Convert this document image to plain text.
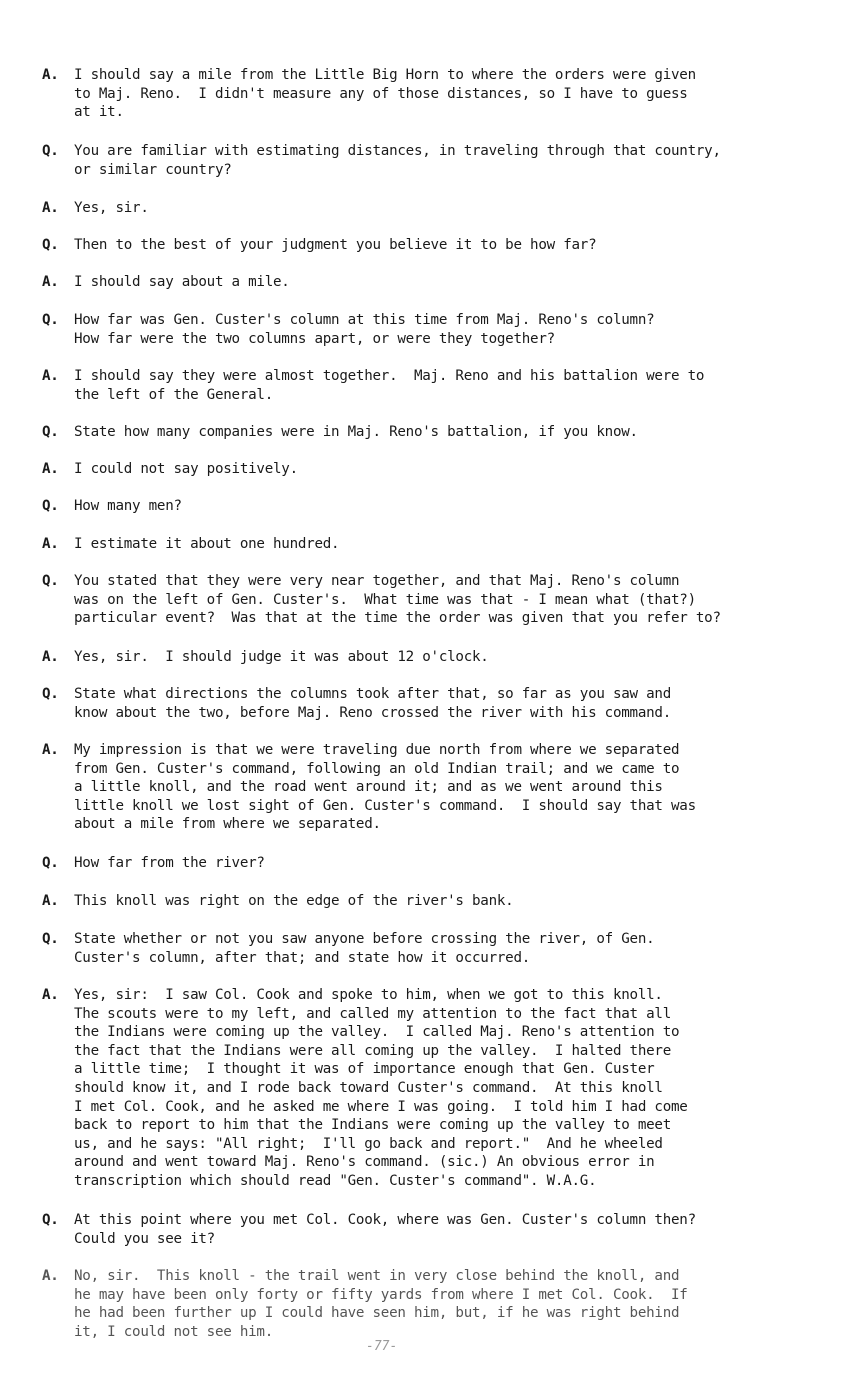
A.	I should say a mile from the Little Big Horn to where the orders were given
to Maj. Reno.  I didn't measure any of those distances, so I have to guess
at it.
Q.	You are familiar with estimating distances, in traveling through that country,
or similar country?
A.	Yes, sir.
Q.	Then to the best of your judgment you believe it to be how far?
A.	I should say about a mile.
Q.	How far was Gen. Custer's column at this time from Maj. Reno's column?
How far were the two columns apart, or were they together?
A.	I should say they were almost together.  Maj. Reno and his battalion were to
the left of the General.
Q.	State how many companies were in Maj. Reno's battalion, if you know.
A.	I could not say positively.
Q.	How many men?
A.	I estimate it about one hundred.
Q.	You stated that they were very near together, and that Maj. Reno's column
was on the left of Gen. Custer's.  What time was that - I mean what (that?)
particular event?  Was that at the time the order was given that you refer to?
A.	Yes, sir.  I should judge it was about 12 o'clock.
Q.	State what directions the columns took after that, so far as you saw and
know about the two, before Maj. Reno crossed the river with his command.
A.	My impression is that we were traveling due north from where we separated
from Gen. Custer's command, following an old Indian trail; and we came to
a little knoll, and the road went around it; and as we went around this
little knoll we lost sight of Gen. Custer's command.  I should say that was
about a mile from where we separated.
Q.	How far from the river?
A.	This knoll was right on the edge of the river's bank.
Q.	State whether or not you saw anyone before crossing the river, of Gen.
Custer's column, after that; and state how it occurred.
A.	Yes, sir:  I saw Col. Cook and spoke to him, when we got to this knoll.
The scouts were to my left, and called my attention to the fact that all
the Indians were coming up the valley.  I called Maj. Reno's attention to
the fact that the Indians were all coming up the valley.  I halted there
a little time;  I thought it was of importance enough that Gen. Custer
should know it, and I rode back toward Custer's command.  At this knoll
I met Col. Cook, and he asked me where I was going.  I told him I had come
back to report to him that the Indians were coming up the valley to meet
us, and he says: "All right;  I'll go back and report."  And he wheeled
around and went toward Maj. Reno's command. (sic.) An obvious error in
transcription which should read "Gen. Custer's command". W.A.G.
Q.	At this point where you met Col. Cook, where was Gen. Custer's column then?
Could you see it?
A.	No, sir.  This knoll - the trail went in very close behind the knoll, and
he may have been only forty or fifty yards from where I met Col. Cook.  If
he had been further up I could have seen him, but, if he was right behind
it, I could not see him.
-77-
